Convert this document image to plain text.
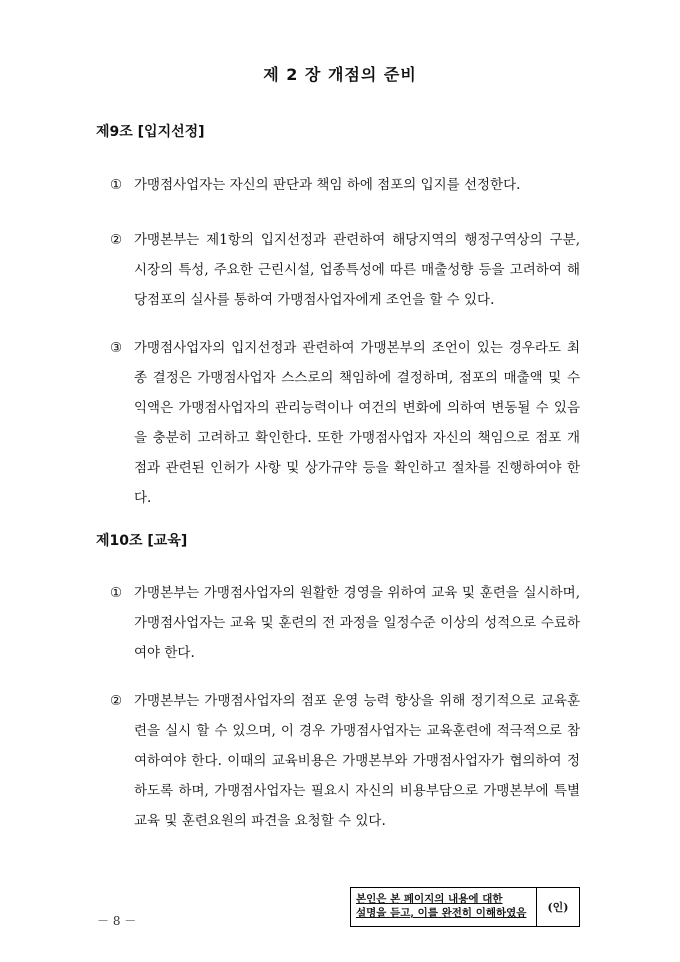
제 2 장 개점의 준비
제9조 [입지선정]
① 가맹점사업자는 자신의 판단과 책임 하에 점포의 입지를 선정한다.
② 가맹본부는 제1항의 입지선정과 관련하여 해당지역의 행정구역상의 구분, 시장의 특성, 주요한 근린시설, 업종특성에 따른 매출성향 등을 고려하여 해당점포의 실사를 통하여 가맹점사업자에게 조언을 할 수 있다.
③ 가맹점사업자의 입지선정과 관련하여 가맹본부의 조언이 있는 경우라도 최종 결정은 가맹점사업자 스스로의 책임하에 결정하며, 점포의 매출액 및 수익액은 가맹점사업자의 관리능력이나 여건의 변화에 의하여 변동될 수 있음을 충분히 고려하고 확인한다. 또한 가맹점사업자 자신의 책임으로 점포 개점과 관련된 인허가 사항 및 상가규약 등을 확인하고 절차를 진행하여야 한다.
제10조 [교육]
① 가맹본부는 가맹점사업자의 원활한 경영을 위하여 교육 및 훈련을 실시하며, 가맹점사업자는 교육 및 훈련의 전 과정을 일정수준 이상의 성적으로 수료하여야 한다.
② 가맹본부는 가맹점사업자의 점포 운영 능력 향상을 위해 정기적으로 교육훈련을 실시 할 수 있으며, 이 경우 가맹점사업자는 교육훈련에 적극적으로 참여하여야 한다. 이때의 교육비용은 가맹본부와 가맹점사업자가 협의하여 정하도록 하며, 가맹점사업자는 필요시 자신의 비용부담으로 가맹본부에 특별교육 및 훈련요원의 파견을 요청할 수 있다.
－ 8 －
본인은 본 페이지의 내용에 대한
설명을 듣고, 이를 완전히 이해하였음	(인)
